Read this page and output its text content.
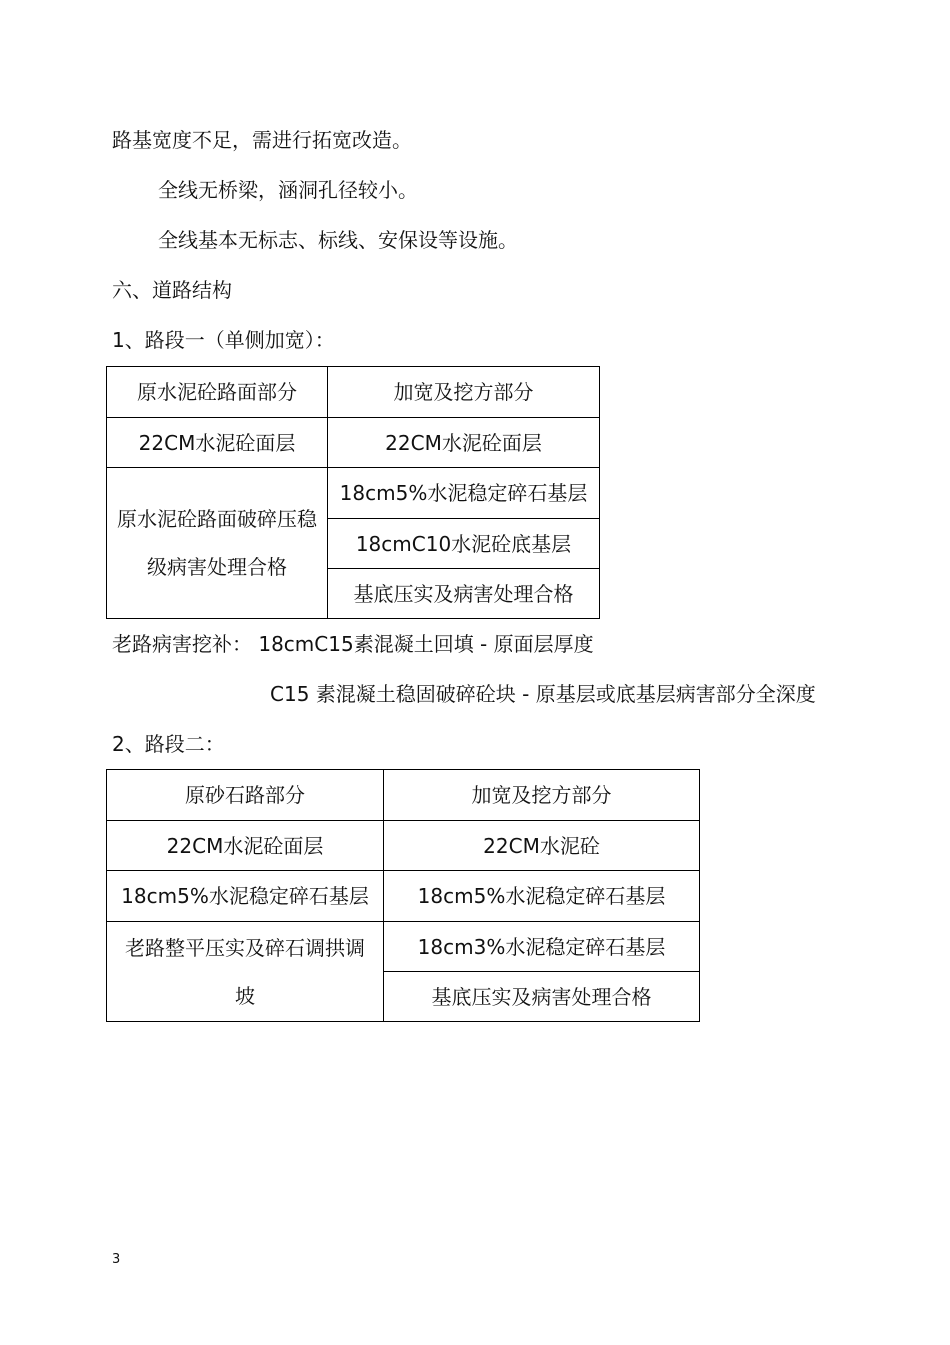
路基宽度不足，需进行拓宽改造。
全线无桥梁，涵洞孔径较小。
全线基本无标志、标线、安保设等设施。
六、道路结构
1、路段一（单侧加宽）：
原水泥砼路面部分	加宽及挖方部分
22CM水泥砼面层	22CM水泥砼面层

原水泥砼路面破碎压稳级病害处理合格	18cm5%水泥稳定碎石基层
	18cmC10水泥砼底基层
	基底压实及病害处理合格
老路病害挖补： 18cmC15素混凝土回填 - 原面层厚度
C15 素混凝土稳固破碎砼块 - 原基层或底基层病害部分全深度
2、路段二：
原砂石路部分	加宽及挖方部分
22CM水泥砼面层	22CM水泥砼
18cm5%水泥稳定碎石基层	18cm5%水泥稳定碎石基层

老路整平压实及碎石调拱调坡	18cm3%水泥稳定碎石基层
	基底压实及病害处理合格
3
